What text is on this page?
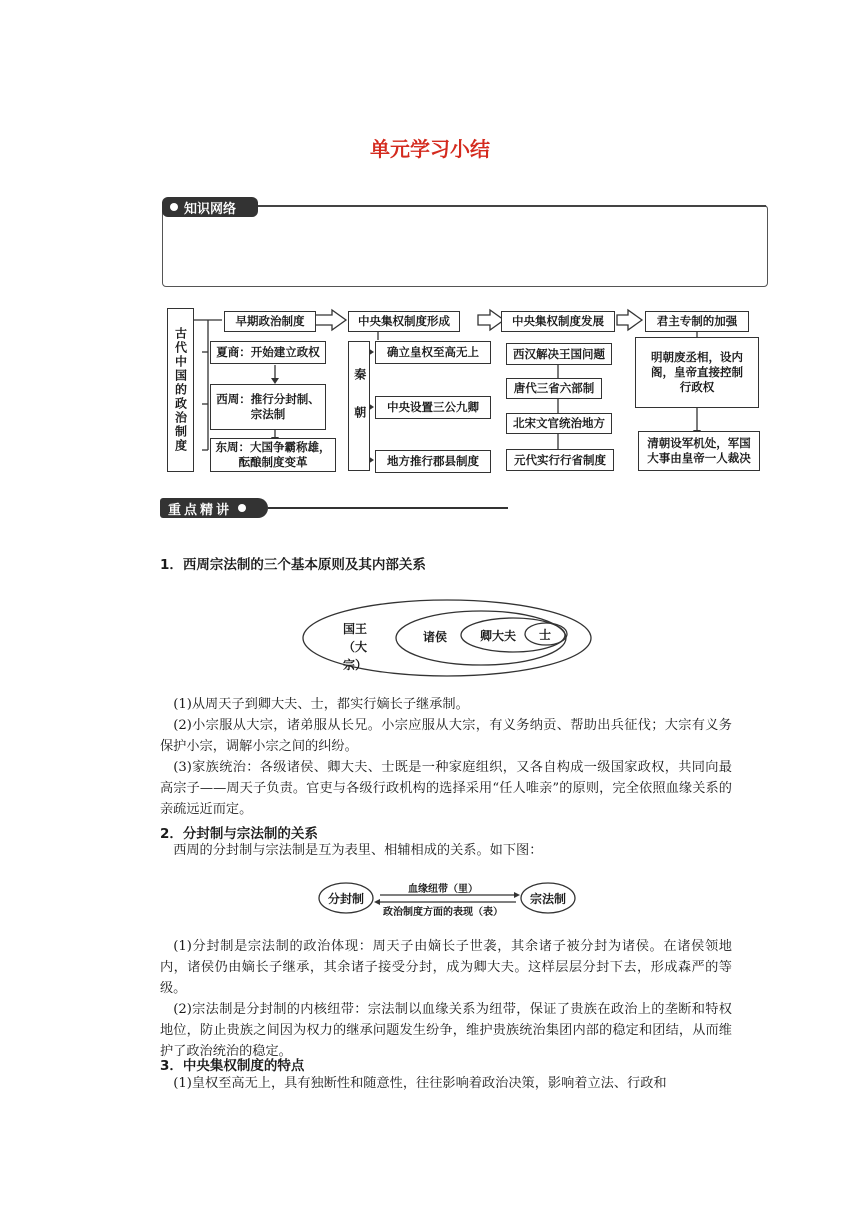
单元学习小结
知识网络
古代中国的政治制度
早期政治制度	中央集权制度形成	中央集权制度发展	君主专制的加强
夏商：开始建立政权
西周：推行分封制、宗法制
东周：大国争霸称雄，酝酿制度变革
秦朝
确立皇权至高无上
中央设置三公九卿
地方推行郡县制度
西汉解决王国问题
唐代三省六部制
北宋文官统治地方
元代实行行省制度
明朝废丞相，设内阁，皇帝直接控制行政权
清朝设军机处，军国大事由皇帝一人裁决
重点精讲
1．西周宗法制的三个基本原则及其内部关系
国王（大宗）
诸侯	卿大夫 士

(1)从周天子到卿大夫、士，都实行嫡长子继承制。

(2)小宗服从大宗，诸弟服从长兄。小宗应服从大宗，有义务纳贡、帮助出兵征伐；大宗有义务保护小宗，调解小宗之间的纠纷。

(3)家族统治：各级诸侯、卿大夫、士既是一种家庭组织，又各自构成一级国家政权，共同向最高宗子——周天子负责。官吏与各级行政机构的选择采用“任人唯亲”的原则，完全依照血缘关系的亲疏远近而定。

2．分封制与宗法制的关系

西周的分封制与宗法制是互为表里、相辅相成的关系。如下图：

分封制	宗法制
血缘纽带（里）
政治制度方面的表现（表）

(1)分封制是宗法制的政治体现：周天子由嫡长子世袭，其余诸子被分封为诸侯。在诸侯领地内，诸侯仍由嫡长子继承，其余诸子接受分封，成为卿大夫。这样层层分封下去，形成森严的等级。

(2)宗法制是分封制的内核纽带：宗法制以血缘关系为纽带，保证了贵族在政治上的垄断和特权地位，防止贵族之间因为权力的继承问题发生纷争，维护贵族统治集团内部的稳定和团结，从而维护了政治统治的稳定。

3．中央集权制度的特点

(1)皇权至高无上，具有独断性和随意性，往往影响着政治决策，影响着立法、行政和
